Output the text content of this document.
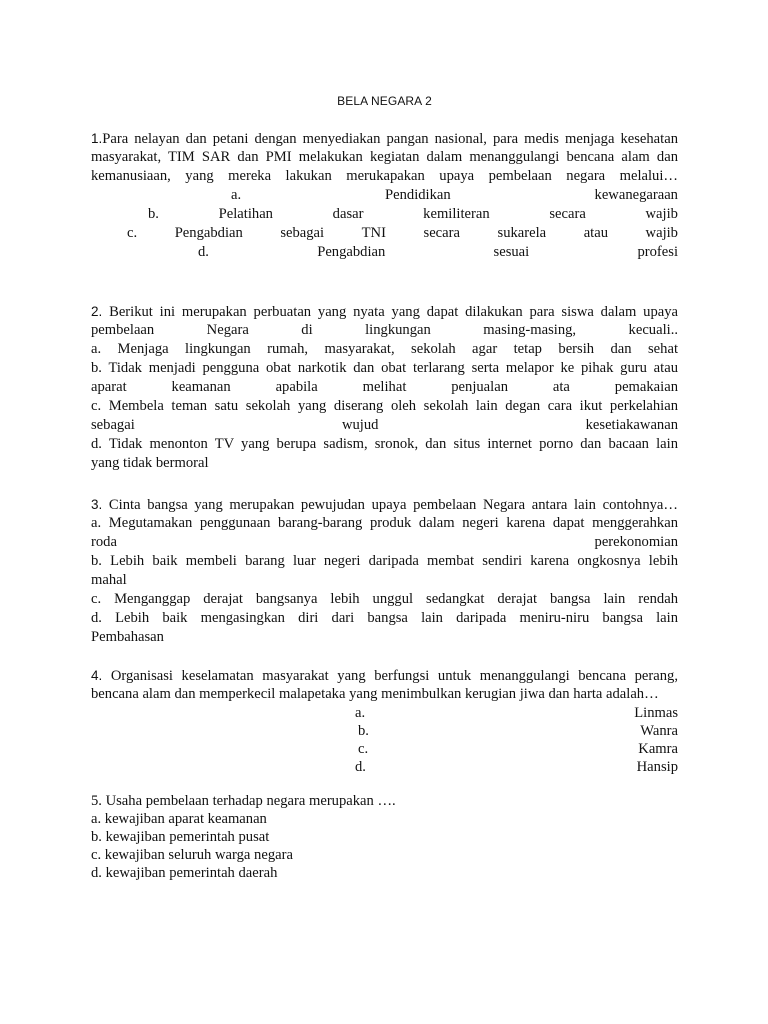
BELA NEGARA 2
1.Para nelayan dan petani dengan menyediakan pangan nasional, para medis menjaga kesehatan
masyarakat, TIM SAR dan PMI melakukan kegiatan dalam menanggulangi bencana alam dan
kemanusiaan, yang mereka lakukan merukapakan upaya pembelaan negara melalui…
a.	Pendidikan	kewanegaraan
b.	Pelatihan	dasar	kemiliteran	secara	wajib
c.	Pengabdian	sebagai	TNI	secara	sukarela	atau	wajib
d.	Pengabdian	sesuai	profesi
2. Berikut ini merupakan perbuatan yang nyata yang dapat dilakukan para siswa dalam upaya
pembelaan Negara di lingkungan masing-masing, kecuali..
a. Menjaga lingkungan rumah, masyarakat, sekolah agar tetap bersih dan sehat
b. Tidak menjadi pengguna obat narkotik dan obat terlarang serta melapor ke pihak guru atau
aparat keamanan apabila melihat penjualan ata pemakaian
c. Membela teman satu sekolah yang diserang oleh sekolah lain degan cara ikut perkelahian
sebagai wujud kesetiakawanan
d. Tidak menonton TV yang berupa sadism, sronok, dan situs internet porno dan bacaan lain
yang tidak bermoral
3. Cinta bangsa yang merupakan pewujudan upaya pembelaan Negara antara lain contohnya…
a. Megutamakan penggunaan barang-barang produk dalam negeri karena dapat menggerahkan
roda perekonomian
b. Lebih baik membeli barang luar negeri daripada membat sendiri karena ongkosnya lebih
mahal
c. Menganggap derajat bangsanya lebih unggul sedangkat derajat bangsa lain rendah
d. Lebih baik mengasingkan diri dari bangsa lain daripada meniru-niru bangsa lain
Pembahasan
4. Organisasi keselamatan masyarakat yang berfungsi untuk menanggulangi bencana perang,
bencana alam dan memperkecil malapetaka yang menimbulkan kerugian jiwa dan harta adalah…
a.	Linmas
b.	Wanra
c.	Kamra
d.	Hansip
5. Usaha pembelaan terhadap negara merupakan ….
a. kewajiban aparat keamanan
b. kewajiban pemerintah pusat
c. kewajiban seluruh warga negara
d. kewajiban pemerintah daerah
